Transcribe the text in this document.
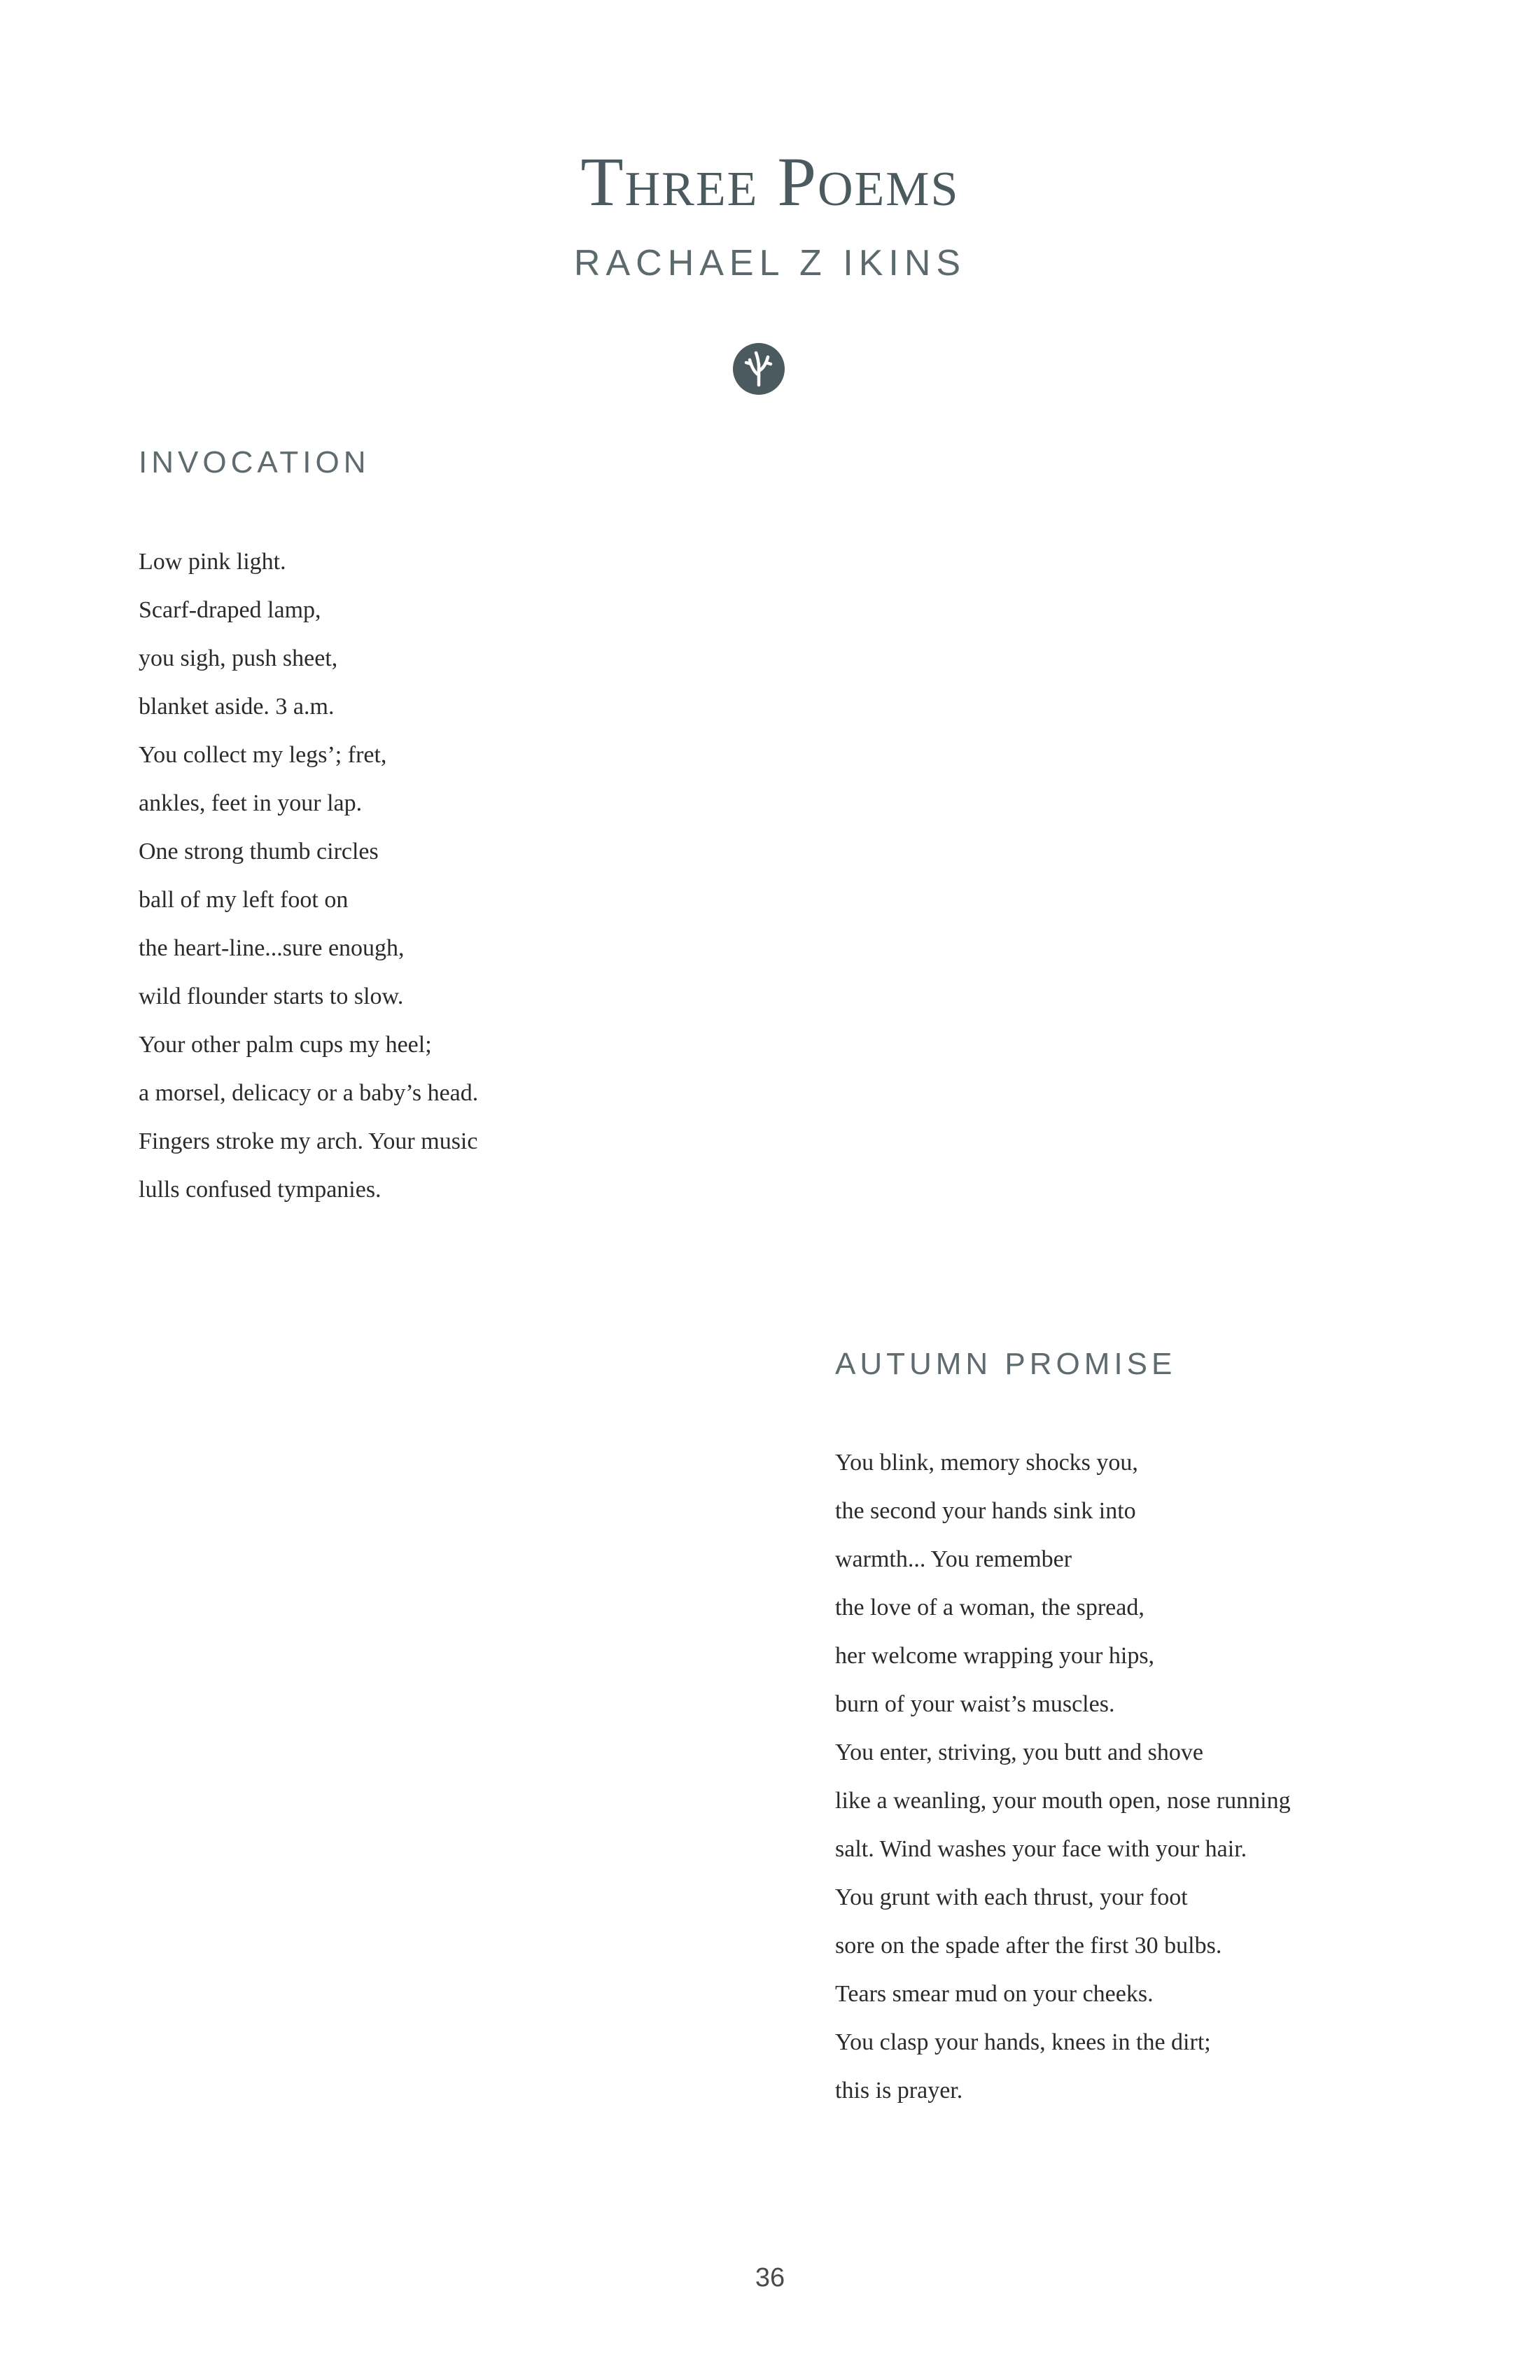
Three Poems
RACHAEL Z IKINS
INVOCATION
Low pink light.
Scarf-draped lamp,
you sigh, push sheet,
blanket aside. 3 a.m.
You collect my legs’; fret,
ankles, feet in your lap.
One strong thumb circles
ball of my left foot on
the heart-line...sure enough,
wild flounder starts to slow.
Your other palm cups my heel;
a morsel, delicacy or a baby’s head.
Fingers stroke my arch. Your music
lulls confused tympanies.
AUTUMN PROMISE
You blink, memory shocks you,
the second your hands sink into
warmth... You remember
the love of a woman, the spread,
her welcome wrapping your hips,
burn of your waist’s muscles.
You enter, striving, you butt and shove
like a weanling, your mouth open, nose running
salt. Wind washes your face with your hair.
You grunt with each thrust, your foot
sore on the spade after the first 30 bulbs.
Tears smear mud on your cheeks.
You clasp your hands, knees in the dirt;
this is prayer.
36
